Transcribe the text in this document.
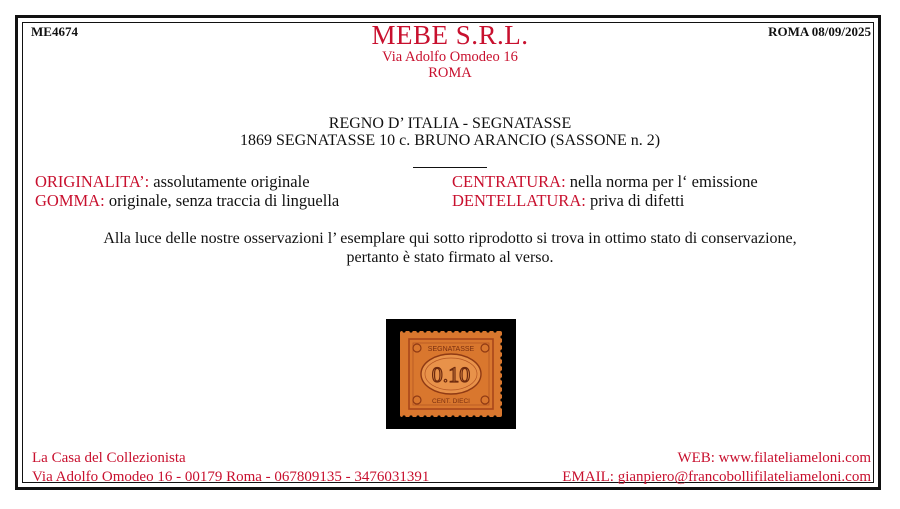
ME4674	ROMA 08/09/2025
MEBE S.R.L.
Via Adolfo Omodeo 16
ROMA
REGNO D’ ITALIA - SEGNATASSE
1869 SEGNATASSE 10 c. BRUNO ARANCIO (SASSONE n. 2)
ORIGINALITA’: assolutamente originale
GOMMA: originale, senza traccia di linguella
CENTRATURA: nella norma per l‘ emissione
DENTELLATURA: priva di difetti
Alla luce delle nostre osservazioni l’ esemplare qui sotto riprodotto si trova in ottimo stato di conservazione,
pertanto è stato firmato al verso.
SEGNATASSE
0.10
CENT. DIECI
La Casa del Collezionista
Via Adolfo Omodeo 16 - 00179 Roma - 067809135 - 3476031391
WEB: www.filateliameloni.com
EMAIL: gianpiero@francobollifilateliameloni.com
